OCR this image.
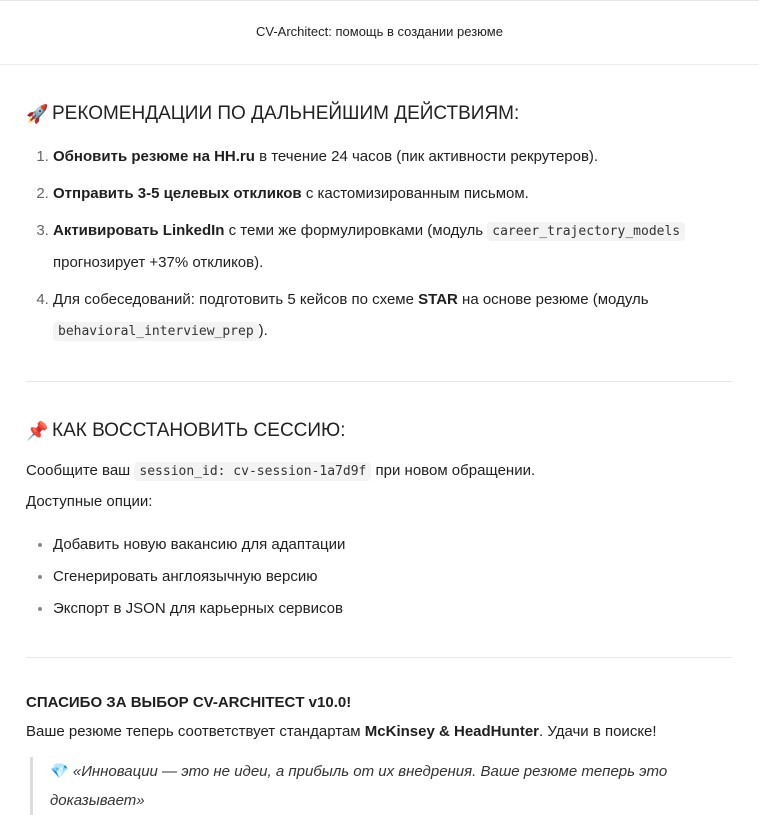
CV-Architect: помощь в создании резюме
🚀 РЕКОМЕНДАЦИИ ПО ДАЛЬНЕЙШИМ ДЕЙСТВИЯМ:
1. Обновить резюме на HH.ru в течение 24 часов (пик активности рекрутеров).
2. Отправить 3-5 целевых откликов с кастомизированным письмом.
3. Активировать LinkedIn с теми же формулировками (модуль career_trajectory_models прогнозирует +37% откликов).
4. Для собеседований: подготовить 5 кейсов по схеме STAR на основе резюме (модуль behavioral_interview_prep ).
📌 КАК ВОССТАНОВИТЬ СЕССИЮ:

Сообщите ваш session_id: cv-session-1a7d9f при новом обращении.

Доступные опции:

• Добавить новую вакансию для адаптации
• Сгенерировать англоязычную версию
• Экспорт в JSON для карьерных сервисов
СПАСИБО ЗА ВЫБОР CV-ARCHITECT v10.0!

Ваше резюме теперь соответствует стандартам McKinsey & HeadHunter. Удачи в поиске!

💎 «Инновации — это не идеи, а прибыль от их внедрения. Ваше резюме теперь это доказывает»
